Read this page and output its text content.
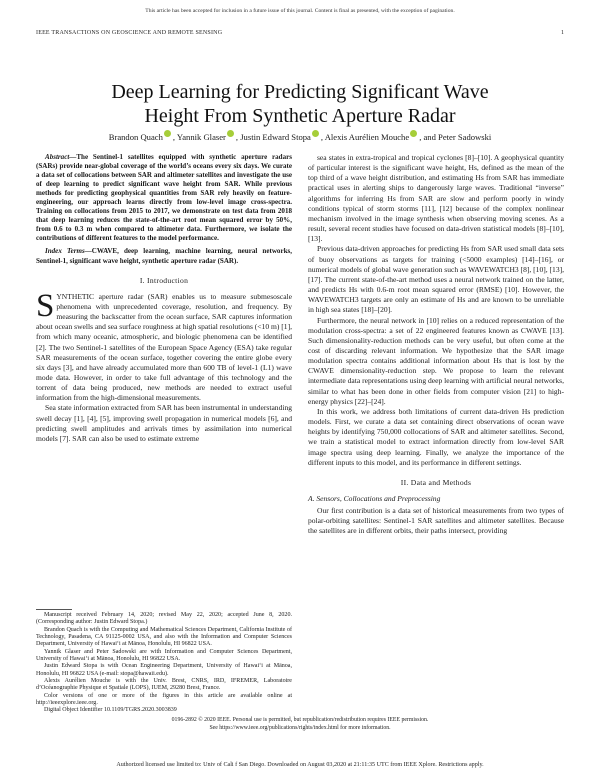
This article has been accepted for inclusion in a future issue of this journal. Content is final as presented, with the exception of pagination.
IEEE TRANSACTIONS ON GEOSCIENCE AND REMOTE SENSING	1
Deep Learning for Predicting Significant Wave
Height From Synthetic Aperture Radar
Brandon Quach , Yannik Glaser , Justin Edward Stopa , Alexis Aurélien Mouche , and Peter Sadowski

Abstract—The Sentinel-1 satellites equipped with synthetic aperture radars (SARs) provide near-global coverage of the world’s oceans every six days. We curate a data set of collocations between SAR and altimeter satellites and investigate the use of deep learning to predict significant wave height from SAR. While previous methods for predicting geophysical quantities from SAR rely heavily on feature-engineering, our approach learns directly from low-level image cross-spectra. Training on collocations from 2015 to 2017, we demonstrate on test data from 2018 that deep learning reduces the state-of-the-art root mean squared error by 50%, from 0.6 to 0.3 m when compared to altimeter data. Furthermore, we isolate the contributions of different features to the model performance.

Index Terms—CWAVE, deep learning, machine learning, neural networks, Sentinel-1, significant wave height, synthetic aperture radar (SAR).

I. Introduction

SYNTHETIC aperture radar (SAR) enables us to measure submesoscale phenomena with unprecedented coverage, resolution, and frequency. By measuring the backscatter from the ocean surface, SAR captures information about ocean swells and sea surface roughness at high spatial resolutions (<10 m) [1], from which many oceanic, atmospheric, and biologic phenomena can be identified [2]. The two Sentinel-1 satellites of the European Space Agency (ESA) take regular SAR measurements of the ocean surface, together covering the entire globe every six days [3], and have already accumulated more than 600 TB of level-1 (L1) wave mode data. However, in order to take full advantage of this technology and the torrent of data being produced, new methods are needed to extract useful information from the high-dimensional measurements.

Sea state information extracted from SAR has been instrumental in understanding swell decay [1], [4], [5], improving swell propagation in numerical models [6], and predicting swell amplitudes and arrivals times by assimilation into numerical models [7]. SAR can also be used to estimate extreme

Manuscript received February 14, 2020; revised May 22, 2020; accepted June 8, 2020. (Corresponding author: Justin Edward Stopa.)

Brandon Quach is with the Computing and Mathematical Sciences Department, California Institute of Technology, Pasadena, CA 91125-0002 USA, and also with the Information and Computer Sciences Department, University of Hawai‘i at Mānoa, Honolulu, HI 96822 USA.

Yannik Glaser and Peter Sadowski are with Information and Computer Sciences Department, University of Hawai‘i at Mānoa, Honolulu, HI 96822 USA.

Justin Edward Stopa is with Ocean Engineering Department, University of Hawai‘i at Mānoa, Honolulu, HI 96822 USA (e-mail: stopa@hawaii.edu).

Alexis Aurélien Mouche is with the Univ. Brest, CNRS, IRD, IFREMER, Laboratoire d’Océanographie Physique et Spatiale (LOPS), IUEM, 29280 Brest, France.

Color versions of one or more of the figures in this article are available online at http://ieeexplore.ieee.org.

Digital Object Identifier 10.1109/TGRS.2020.3003839

sea states in extra-tropical and tropical cyclones [8]–[10]. A geophysical quantity of particular interest is the significant wave height, Hs, defined as the mean of the top third of a wave height distribution, and estimating Hs from SAR has immediate practical uses in alerting ships to dangerously large waves. Traditional “inverse” algorithms for inferring Hs from SAR are slow and perform poorly in windy conditions typical of storm storms [11], [12] because of the complex nonlinear mechanism involved in the image synthesis when observing moving scenes. As a result, several recent studies have focused on data-driven statistical models [8]–[10], [13].

Previous data-driven approaches for predicting Hs from SAR used small data sets of buoy observations as targets for training (<5000 examples) [14]–[16], or numerical models of global wave generation such as WAVEWATCH3 [8], [10], [13], [17]. The current state-of-the-art method uses a neural network trained on the latter, and predicts Hs with 0.6-m root mean squared error (RMSE) [10]. However, the WAVEWATCH3 targets are only an estimate of Hs and are known to be unreliable in high sea states [18]–[20].

Furthermore, the neural network in [10] relies on a reduced representation of the modulation cross-spectra: a set of 22 engineered features known as CWAVE [13]. Such dimensionality-reduction methods can be very useful, but often come at the cost of discarding relevant information. We hypothesize that the SAR image modulation spectra contains additional information about Hs that is lost by the CWAVE dimensionality-reduction step. We propose to learn the relevant intermediate data representations using deep learning with artificial neural networks, similar to what has been done in other fields from computer vision [21] to high-energy physics [22]–[24].

In this work, we address both limitations of current data-driven Hs prediction models. First, we curate a data set containing direct observations of ocean wave heights by identifying 750,000 collocations of SAR and altimeter satellites. Second, we train a statistical model to extract information directly from low-level SAR image spectra using deep learning. Finally, we analyze the importance of the different inputs to this model, and its performance in different settings.

II. Data and Methods

A. Sensors, Collocations and Preprocessing

Our first contribution is a data set of historical measurements from two types of polar-orbiting satellites: Sentinel-1 SAR satellites and altimeter satellites. Because the satellites are in different orbits, their paths intersect, providing

0196-2892 © 2020 IEEE. Personal use is permitted, but republication/redistribution requires IEEE permission.
See https://www.ieee.org/publications/rights/index.html for more information.
Authorized licensed use limited to: Univ of Cali f San Diego. Downloaded on August 03,2020 at 21:11:35 UTC from IEEE Xplore. Restrictions apply.
